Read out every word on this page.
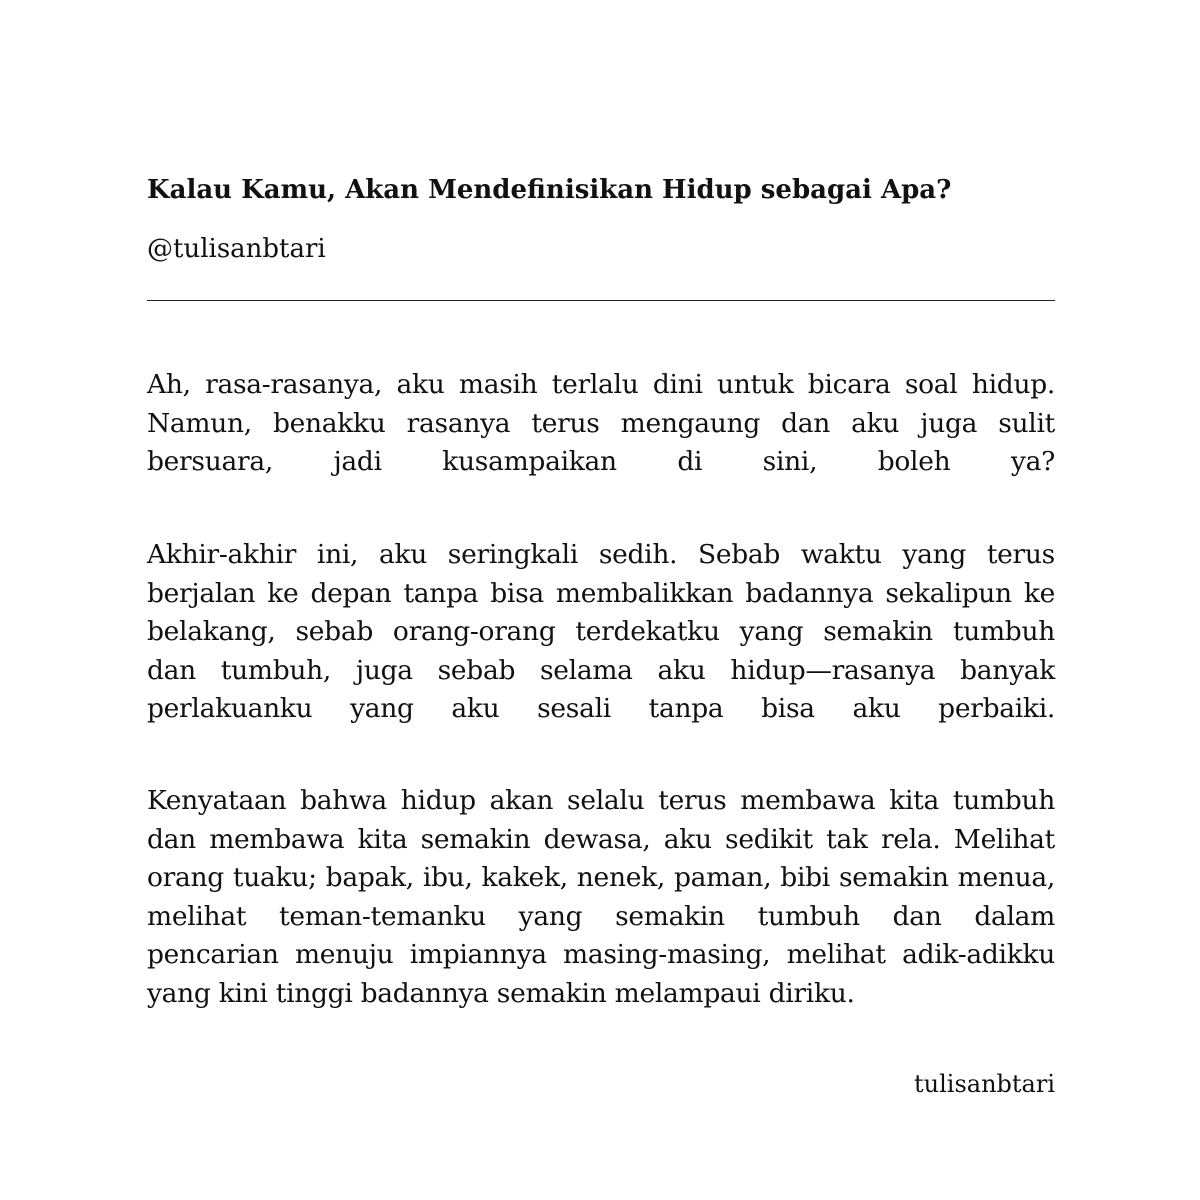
Kalau Kamu, Akan Mendefinisikan Hidup sebagai Apa?
@tulisanbtari
Ah, rasa-rasanya, aku masih terlalu dini untuk bicara soal hidup.
Namun, benakku rasanya terus mengaung dan aku juga sulit
bersuara, jadi kusampaikan di sini, boleh ya?
Akhir-akhir ini, aku seringkali sedih. Sebab waktu yang terus
berjalan ke depan tanpa bisa membalikkan badannya sekalipun ke
belakang, sebab orang-orang terdekatku yang semakin tumbuh
dan tumbuh, juga sebab selama aku hidup—rasanya banyak
perlakuanku yang aku sesali tanpa bisa aku perbaiki.
Kenyataan bahwa hidup akan selalu terus membawa kita tumbuh
dan membawa kita semakin dewasa, aku sedikit tak rela. Melihat
orang tuaku; bapak, ibu, kakek, nenek, paman, bibi semakin menua,
melihat teman-temanku yang semakin tumbuh dan dalam
pencarian menuju impiannya masing-masing, melihat adik-adikku
yang kini tinggi badannya semakin melampaui diriku.
tulisanbtari
